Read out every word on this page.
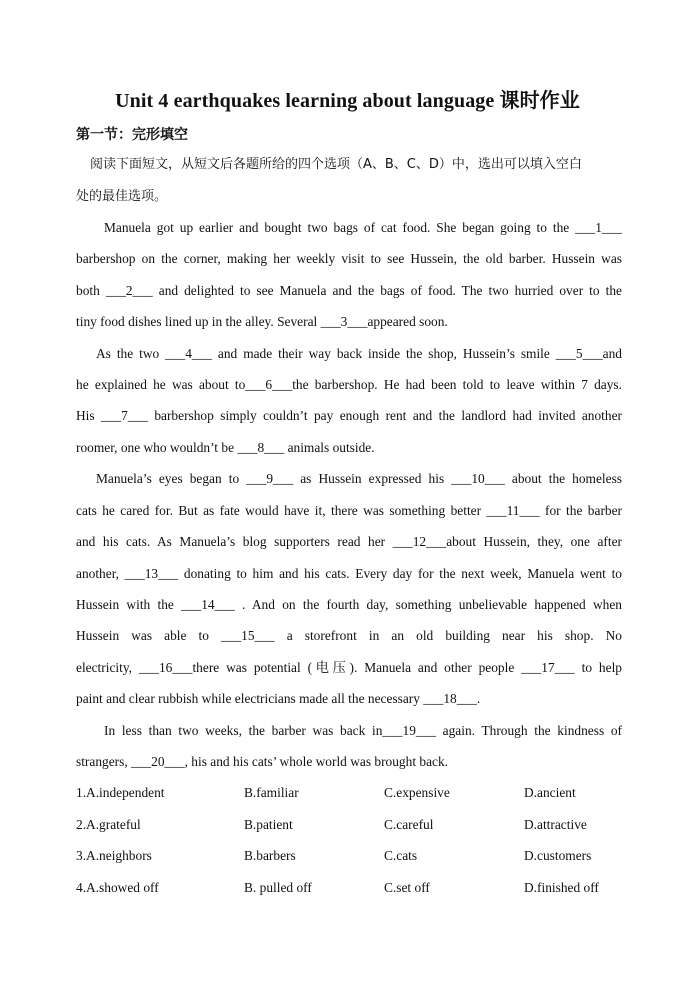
Unit 4 earthquakes learning about language 课时作业
第一节：完形填空
阅读下面短文，从短文后各题所给的四个选项（A、B、C、D）中，选出可以填入空白
处的最佳选项。
Manuela got up earlier and bought two bags of cat food. She began going to the ___1___
barbershop on the corner, making her weekly visit to see Hussein, the old barber. Hussein was
both ___2___ and delighted to see Manuela and the bags of food. The two hurried over to the
tiny food dishes lined up in the alley. Several ___3___appeared soon.
As the two ___4___ and made their way back inside the shop, Hussein’s smile ___5___and
he explained he was about to___6___the barbershop. He had been told to leave within 7 days.
His ___7___ barbershop simply couldn’t pay enough rent and the landlord had invited another
roomer, one who wouldn’t be ___8___ animals outside.
Manuela’s eyes began to ___9___ as Hussein expressed his ___10___ about the homeless
cats he cared for. But as fate would have it, there was something better ___11___ for the barber
and his cats. As Manuela’s blog supporters read her ___12___about Hussein, they, one after
another, ___13___ donating to him and his cats. Every day for the next week, Manuela went to
Hussein with the ___14___ . And on the fourth day, something unbelievable happened when
Hussein was able to ___15___ a storefront in an old building near his shop. No
electricity, ___16___there was potential (电压). Manuela and other people ___17___ to help
paint and clear rubbish while electricians made all the necessary ___18___.
In less than two weeks, the barber was back in___19___ again. Through the kindness of
strangers, ___20___, his and his cats’ whole world was brought back.
1.A.independent	B.familiar	C.expensive	D.ancient
2.A.grateful	B.patient	C.careful	D.attractive
3.A.neighbors	B.barbers	C.cats	D.customers
4.A.showed off	B. pulled off	C.set off	D.finished off
